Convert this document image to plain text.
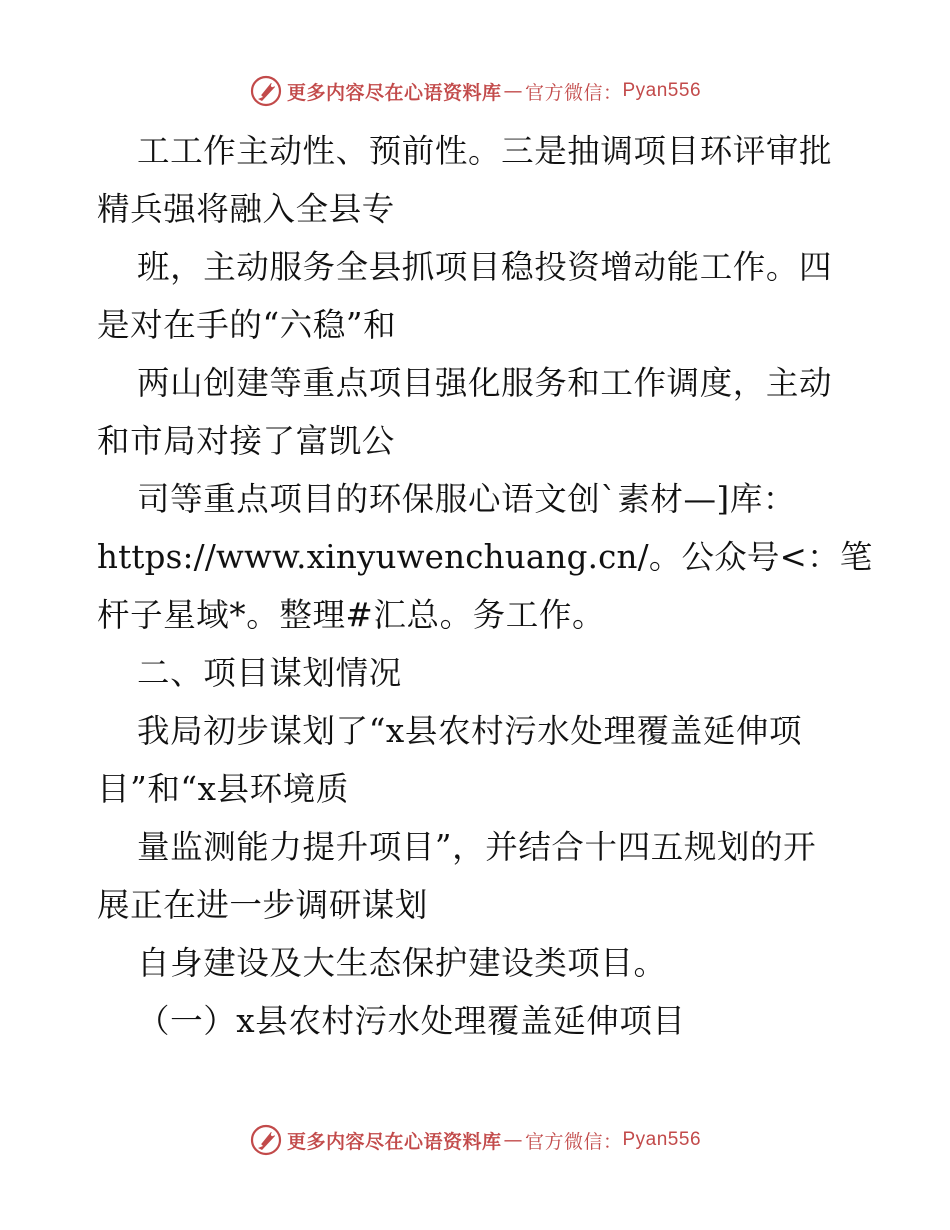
更多内容尽在心语资料库 — 官方微信： Pyan556
工工作主动性、预前性。三是抽调项目环评审批
精兵强将融入全县专
班，主动服务全县抓项目稳投资增动能工作。四
是对在手的“六稳”和
两山创建等重点项目强化服务和工作调度，主动
和市局对接了富凯公
司等重点项目的环保服心语文创`素材—]库：
https://www.xinyuwenchuang.cn/。公众号<：笔
杆子星域*。整理#汇总。务工作。
二、项目谋划情况
我局初步谋划了“x县农村污水处理覆盖延伸项
目”和“x县环境质
量监测能力提升项目”，并结合十四五规划的开
展正在进一步调研谋划
自身建设及大生态保护建设类项目。
（一）x县农村污水处理覆盖延伸项目
更多内容尽在心语资料库 — 官方微信： Pyan556
